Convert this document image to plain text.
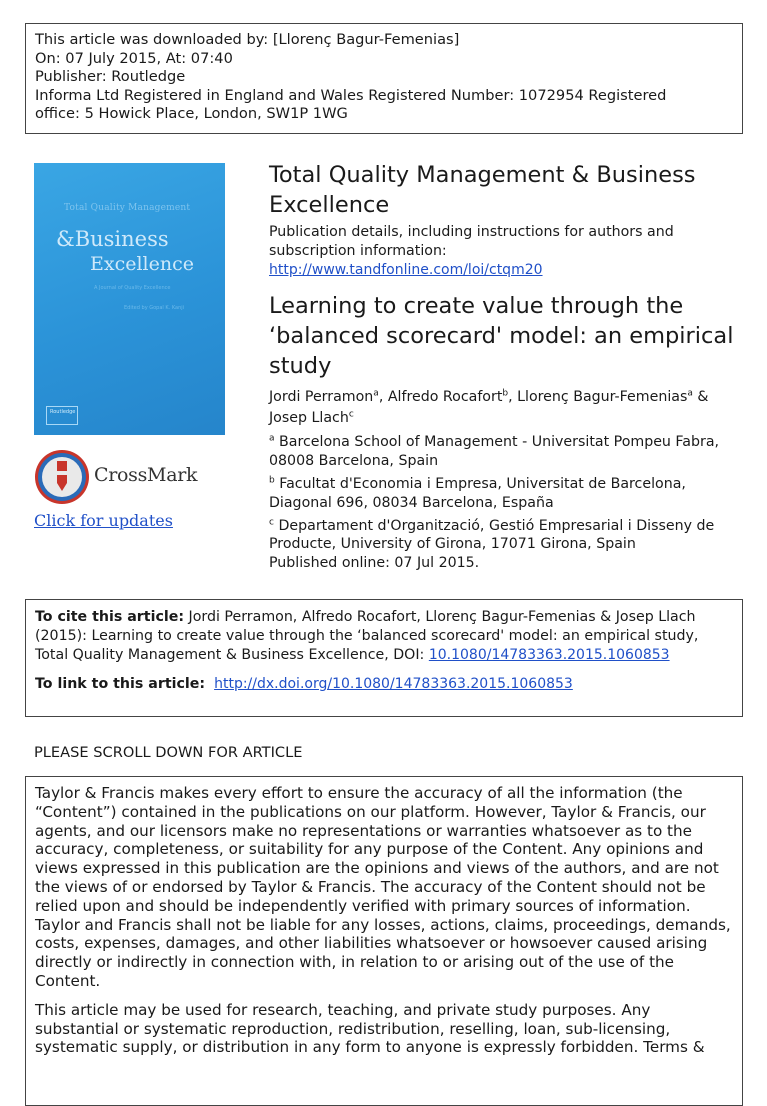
This article was downloaded by: [Llorenç Bagur-Femenias]
On: 07 July 2015, At: 07:40
Publisher: Routledge
Informa Ltd Registered in England and Wales Registered Number: 1072954 Registered
office: 5 Howick Place, London, SW1P 1WG
Total Quality Management
&Business
Excellence
A Journal of Quality Excellence
Edited by Gopal K. Kanji
Routledge
CrossMark
Click for updates
Total Quality Management & Business Excellence
Publication details, including instructions for authors and
subscription information:
http://www.tandfonline.com/loi/ctqm20
Learning to create value through the ‘balanced scorecard' model: an empirical study
Jordi Perramon$^a$, Alfredo Rocafort$^b$, Llorenç Bagur-Femenias$^a$ & Josep Llach$^c$
$^a$ Barcelona School of Management - Universitat Pompeu Fabra, 08008 Barcelona, Spain
$^b$ Facultat d'Economia i Empresa, Universitat de Barcelona, Diagonal 696, 08034 Barcelona, España
$^c$ Departament d'Organització, Gestió Empresarial i Disseny de Producte, University of Girona, 17071 Girona, Spain
Published online: 07 Jul 2015.
To cite this article: Jordi Perramon, Alfredo Rocafort, Llorenç Bagur-Femenias & Josep Llach (2015): Learning to create value through the ‘balanced scorecard' model: an empirical study, Total Quality Management & Business Excellence, DOI: 10.1080/14783363.2015.1060853
To link to this article: http://dx.doi.org/10.1080/14783363.2015.1060853
PLEASE SCROLL DOWN FOR ARTICLE

Taylor & Francis makes every effort to ensure the accuracy of all the information (the “Content”) contained in the publications on our platform. However, Taylor & Francis, our agents, and our licensors make no representations or warranties whatsoever as to the accuracy, completeness, or suitability for any purpose of the Content. Any opinions and views expressed in this publication are the opinions and views of the authors, and are not the views of or endorsed by Taylor & Francis. The accuracy of the Content should not be relied upon and should be independently verified with primary sources of information. Taylor and Francis shall not be liable for any losses, actions, claims, proceedings, demands, costs, expenses, damages, and other liabilities whatsoever or howsoever caused arising directly or indirectly in connection with, in relation to or arising out of the use of the Content.

This article may be used for research, teaching, and private study purposes. Any substantial or systematic reproduction, redistribution, reselling, loan, sub-licensing, systematic supply, or distribution in any form to anyone is expressly forbidden. Terms &
